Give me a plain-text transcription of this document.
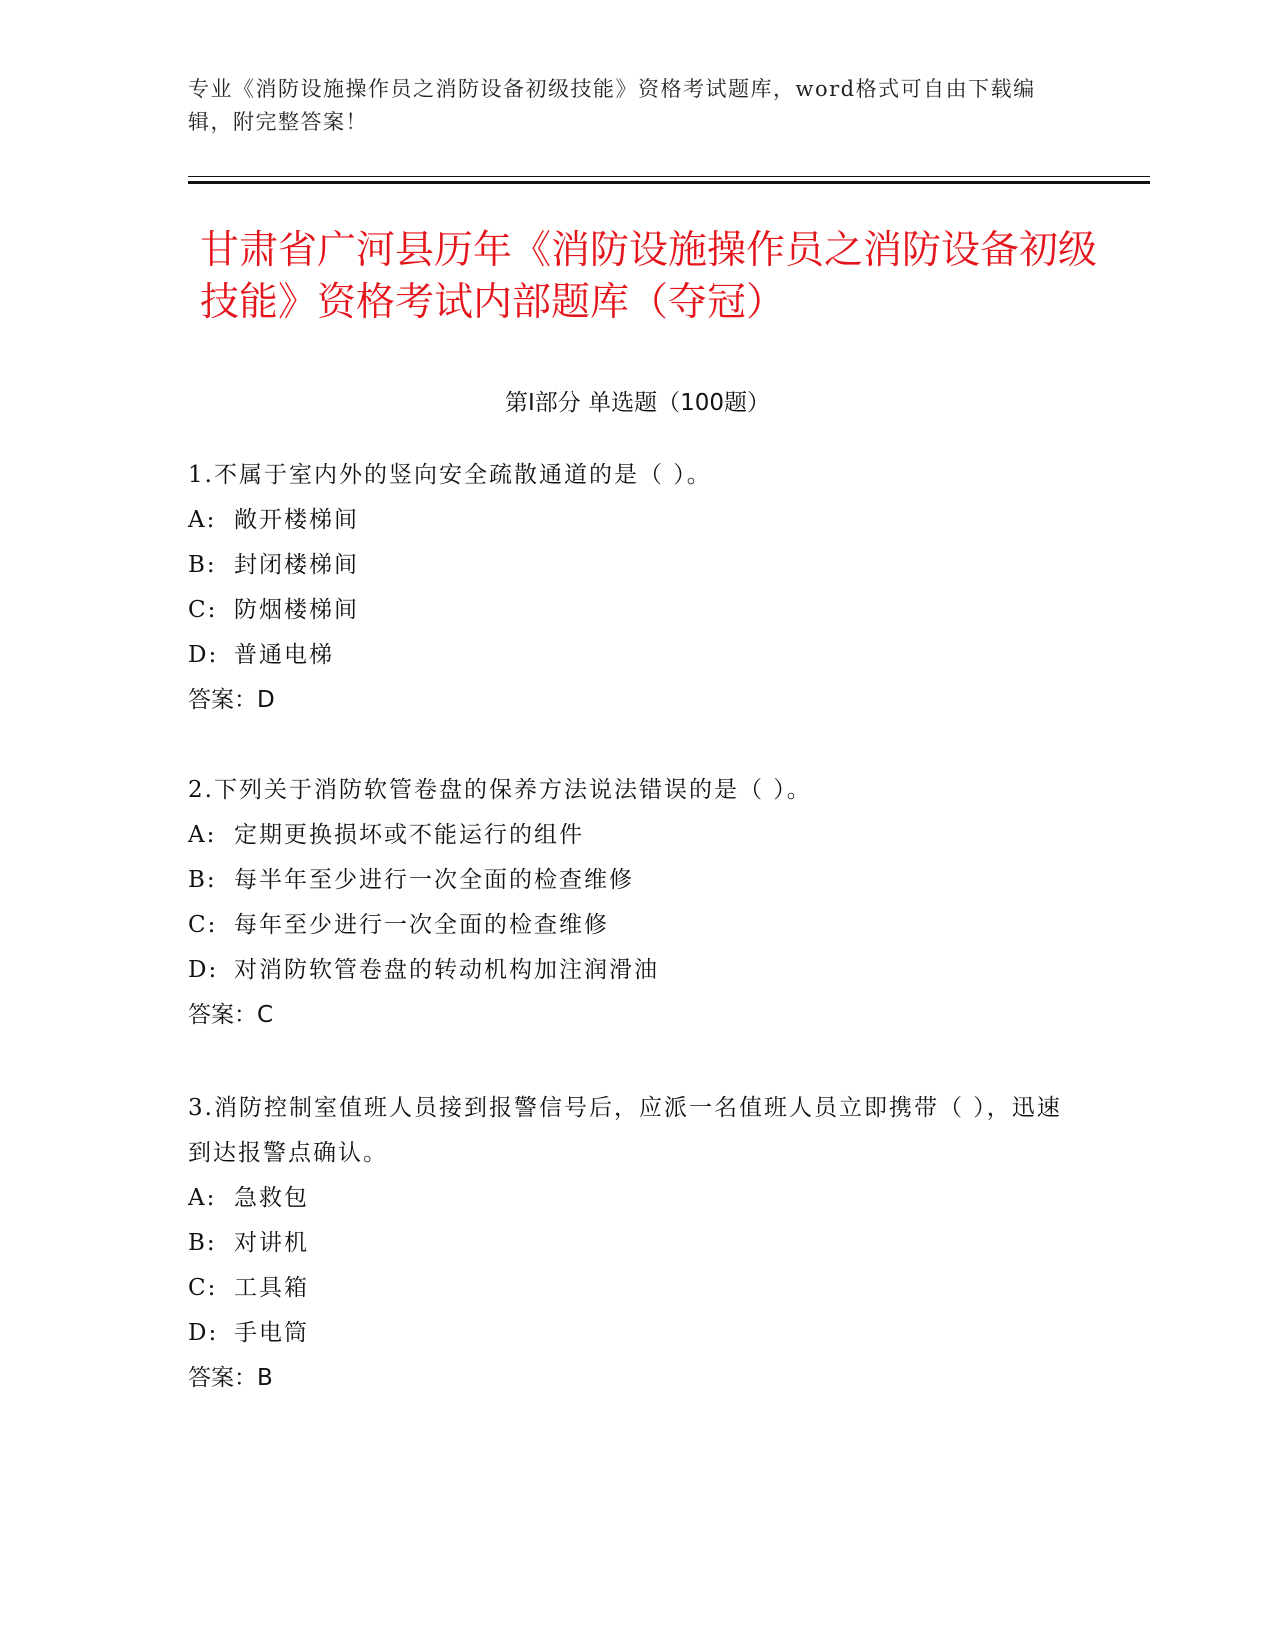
专业《消防设施操作员之消防设备初级技能》资格考试题库，word格式可自由下载编辑，附完整答案！
甘肃省广河县历年《消防设施操作员之消防设备初级技能》资格考试内部题库（夺冠）
第Ⅰ部分 单选题（100题）
1.不属于室内外的竖向安全疏散通道的是（ ）。
A: 敞开楼梯间
B: 封闭楼梯间
C: 防烟楼梯间
D: 普通电梯
答案：D
2.下列关于消防软管卷盘的保养方法说法错误的是（ ）。
A: 定期更换损坏或不能运行的组件
B: 每半年至少进行一次全面的检查维修
C: 每年至少进行一次全面的检查维修
D: 对消防软管卷盘的转动机构加注润滑油
答案：C
3.消防控制室值班人员接到报警信号后，应派一名值班人员立即携带（ ），迅速到达报警点确认。
A: 急救包
B: 对讲机
C: 工具箱
D: 手电筒
答案：B
